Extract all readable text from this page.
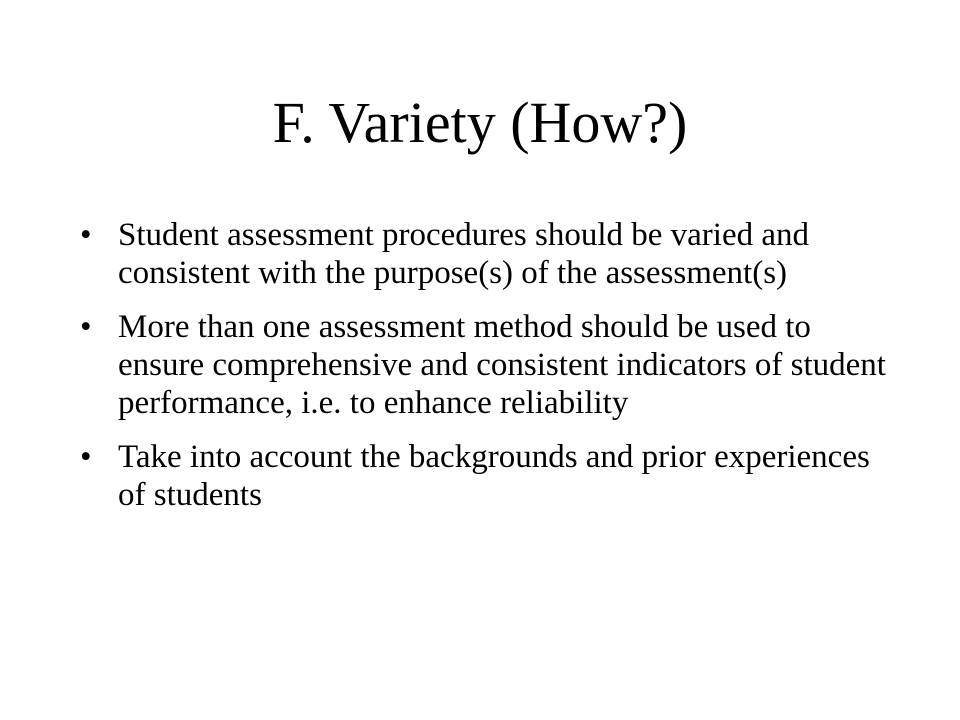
F. Variety (How?)
• Student assessment procedures should be varied and consistent with the purpose(s) of the assessment(s)
• More than one assessment method should be used to ensure comprehensive and consistent indicators of student performance, i.e. to enhance reliability
• Take into account the backgrounds and prior experiences of students
